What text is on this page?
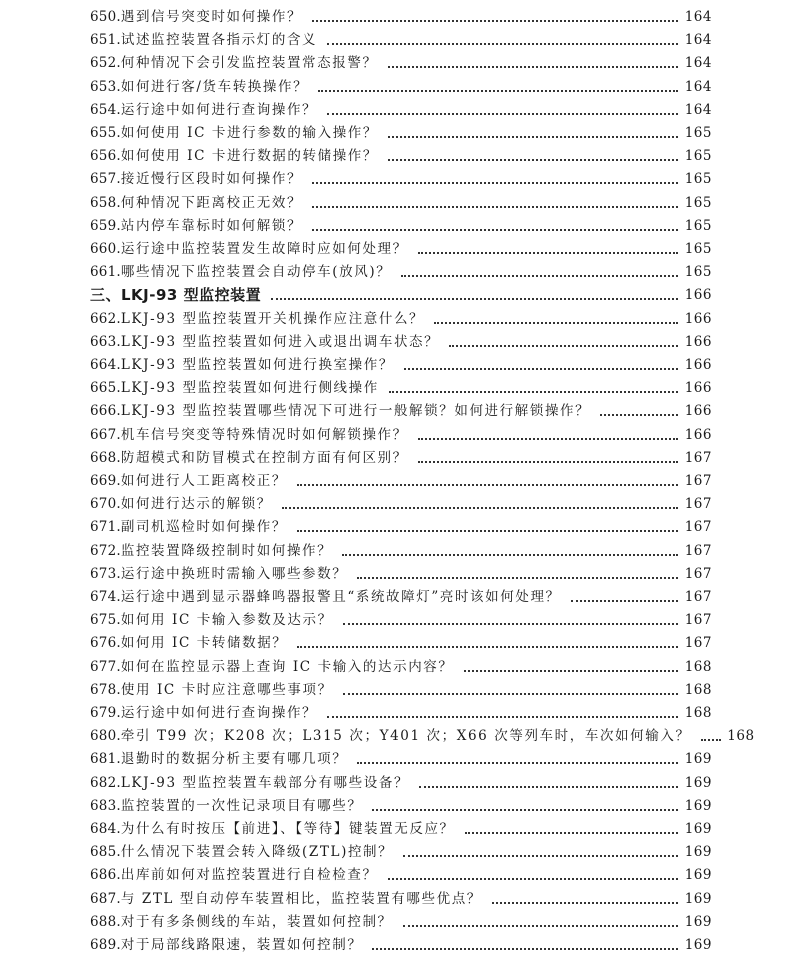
650. 遇到信号突变时如何操作？	164
651. 试述监控装置各指示灯的含义	164
652. 何种情况下会引发监控装置常态报警？	164
653. 如何进行客/货车转换操作？	164
654. 运行途中如何进行查询操作？	164
655. 如何使用 IC 卡进行参数的输入操作？	165
656. 如何使用 IC 卡进行数据的转储操作？	165
657. 接近慢行区段时如何操作？	165
658. 何种情况下距离校正无效？	165
659. 站内停车靠标时如何解锁？	165
660. 运行途中监控装置发生故障时应如何处理？	165
661. 哪些情况下监控装置会自动停车(放风)？	165
三、LKJ-93 型监控装置	166
662. LKJ-93 型监控装置开关机操作应注意什么？	166
663. LKJ-93 型监控装置如何进入或退出调车状态？	166
664. LKJ-93 型监控装置如何进行换室操作？	166
665. LKJ-93 型监控装置如何进行侧线操作	166
666. LKJ-93 型监控装置哪些情况下可进行一般解锁？如何进行解锁操作？	166
667. 机车信号突变等特殊情况时如何解锁操作？	166
668. 防超模式和防冒模式在控制方面有何区别？	167
669. 如何进行人工距离校正？	167
670. 如何进行达示的解锁？	167
671. 副司机巡检时如何操作？	167
672. 监控装置降级控制时如何操作？	167
673. 运行途中换班时需输入哪些参数？	167
674. 运行途中遇到显示器蜂鸣器报警且“系统故障灯”亮时该如何处理？	167
675. 如何用 IC 卡输入参数及达示？	167
676. 如何用 IC 卡转储数据？	167
677. 如何在监控显示器上查询 IC 卡输入的达示内容？	168
678. 使用 IC 卡时应注意哪些事项？	168
679. 运行途中如何进行查询操作？	168
680. 牵引 T99 次；K208 次；L315 次；Y401 次；X66 次等列车时，车次如何输入？	168
681. 退勤时的数据分析主要有哪几项？	169
682. LKJ-93 型监控装置车载部分有哪些设备？	169
683. 监控装置的一次性记录项目有哪些？	169
684. 为什么有时按压【前进】、【等待】键装置无反应？	169
685. 什么情况下装置会转入降级(ZTL)控制？	169
686. 出库前如何对监控装置进行自检检查？	169
687. 与 ZTL 型自动停车装置相比，监控装置有哪些优点？	169
688. 对于有多条侧线的车站，装置如何控制？	169
689. 对于局部线路限速，装置如何控制？	169
